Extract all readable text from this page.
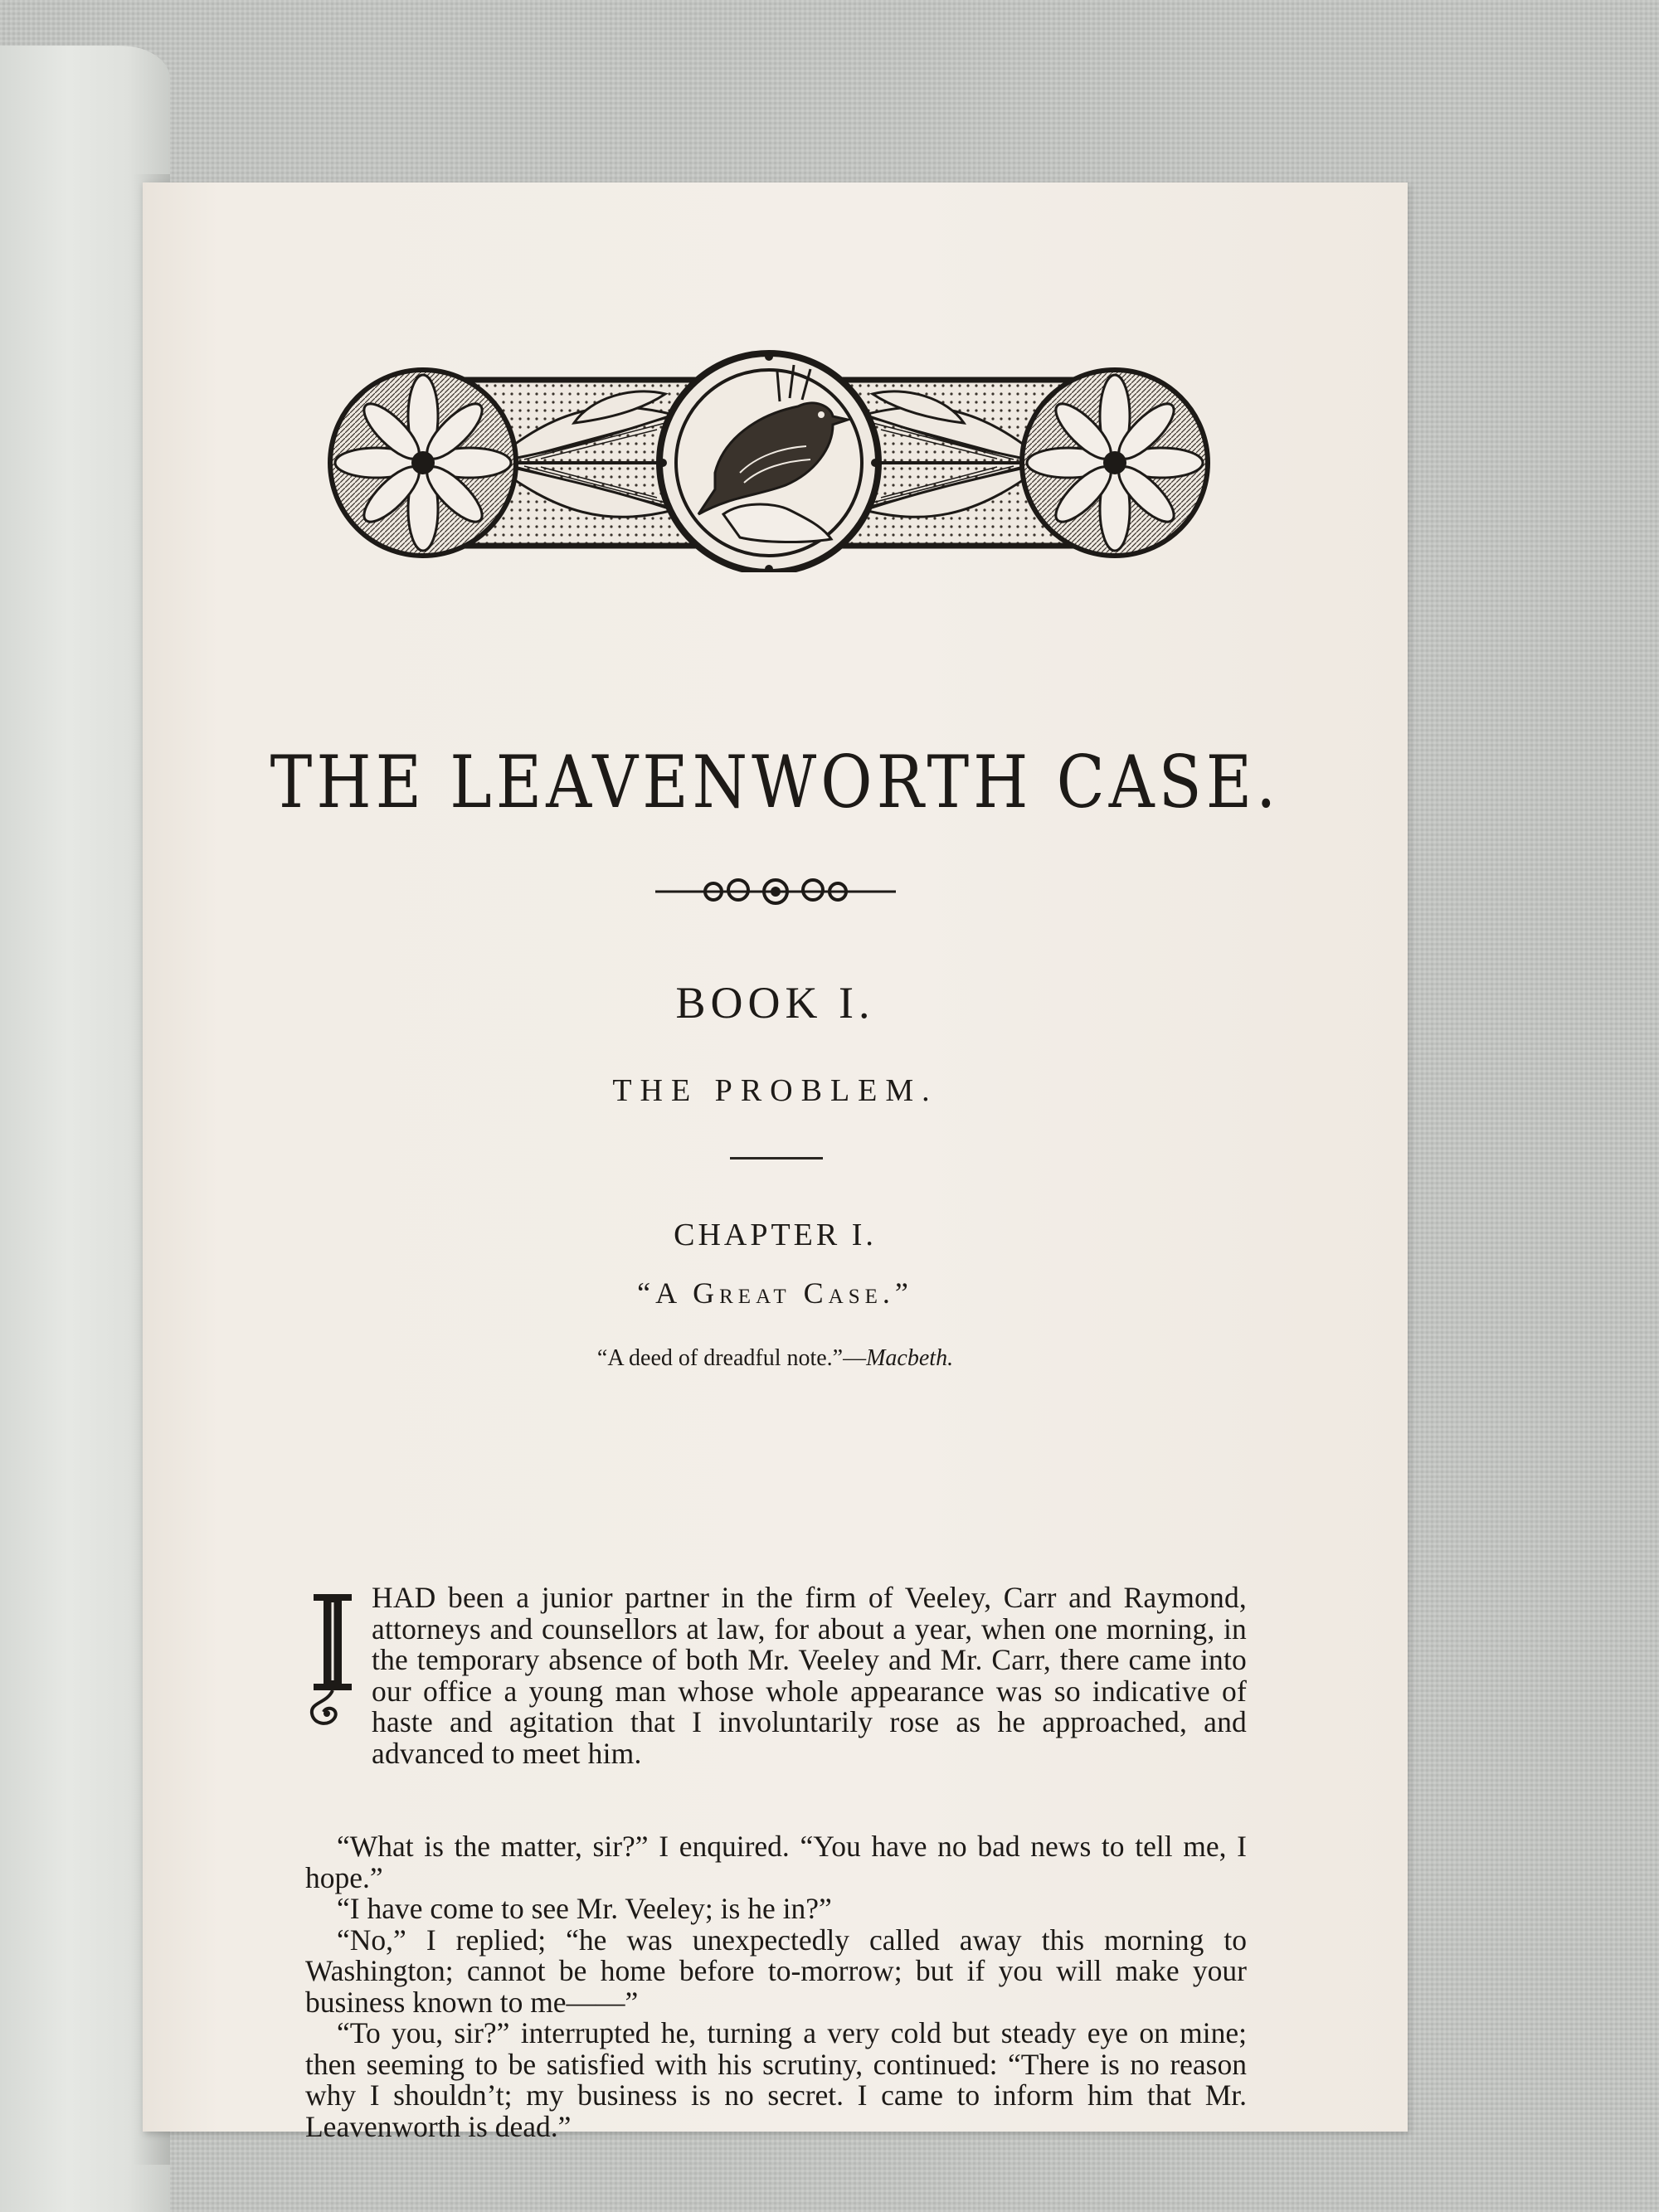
THE LEAVENWORTH CASE.
BOOK I.
THE PROBLEM.
CHAPTER I.
“A Great Case.”
“A deed of dreadful note.”—Macbeth.

HAD been a junior partner in the firm of Veeley, Carr and Raymond, attorneys and counsellors at law, for about a year, when one morning, in the temporary absence of both Mr. Veeley and Mr. Carr, there came into our office a young man whose whole appearance was so indicative of haste and agitation that I involuntarily rose as he approached, and advanced to meet him.

“What is the matter, sir?” I enquired. “You have no bad news to tell me, I hope.”

“I have come to see Mr. Veeley; is he in?”

“No,” I replied; “he was unexpectedly called away this morning to Washington; cannot be home before to-morrow; but if you will make your business known to me——”

“To you, sir?” interrupted he, turning a very cold but steady eye on mine; then seeming to be satisfied with his scrutiny, continued: “There is no reason why I shouldn’t; my business is no secret. I came to inform him that Mr. Leavenworth is dead.”
